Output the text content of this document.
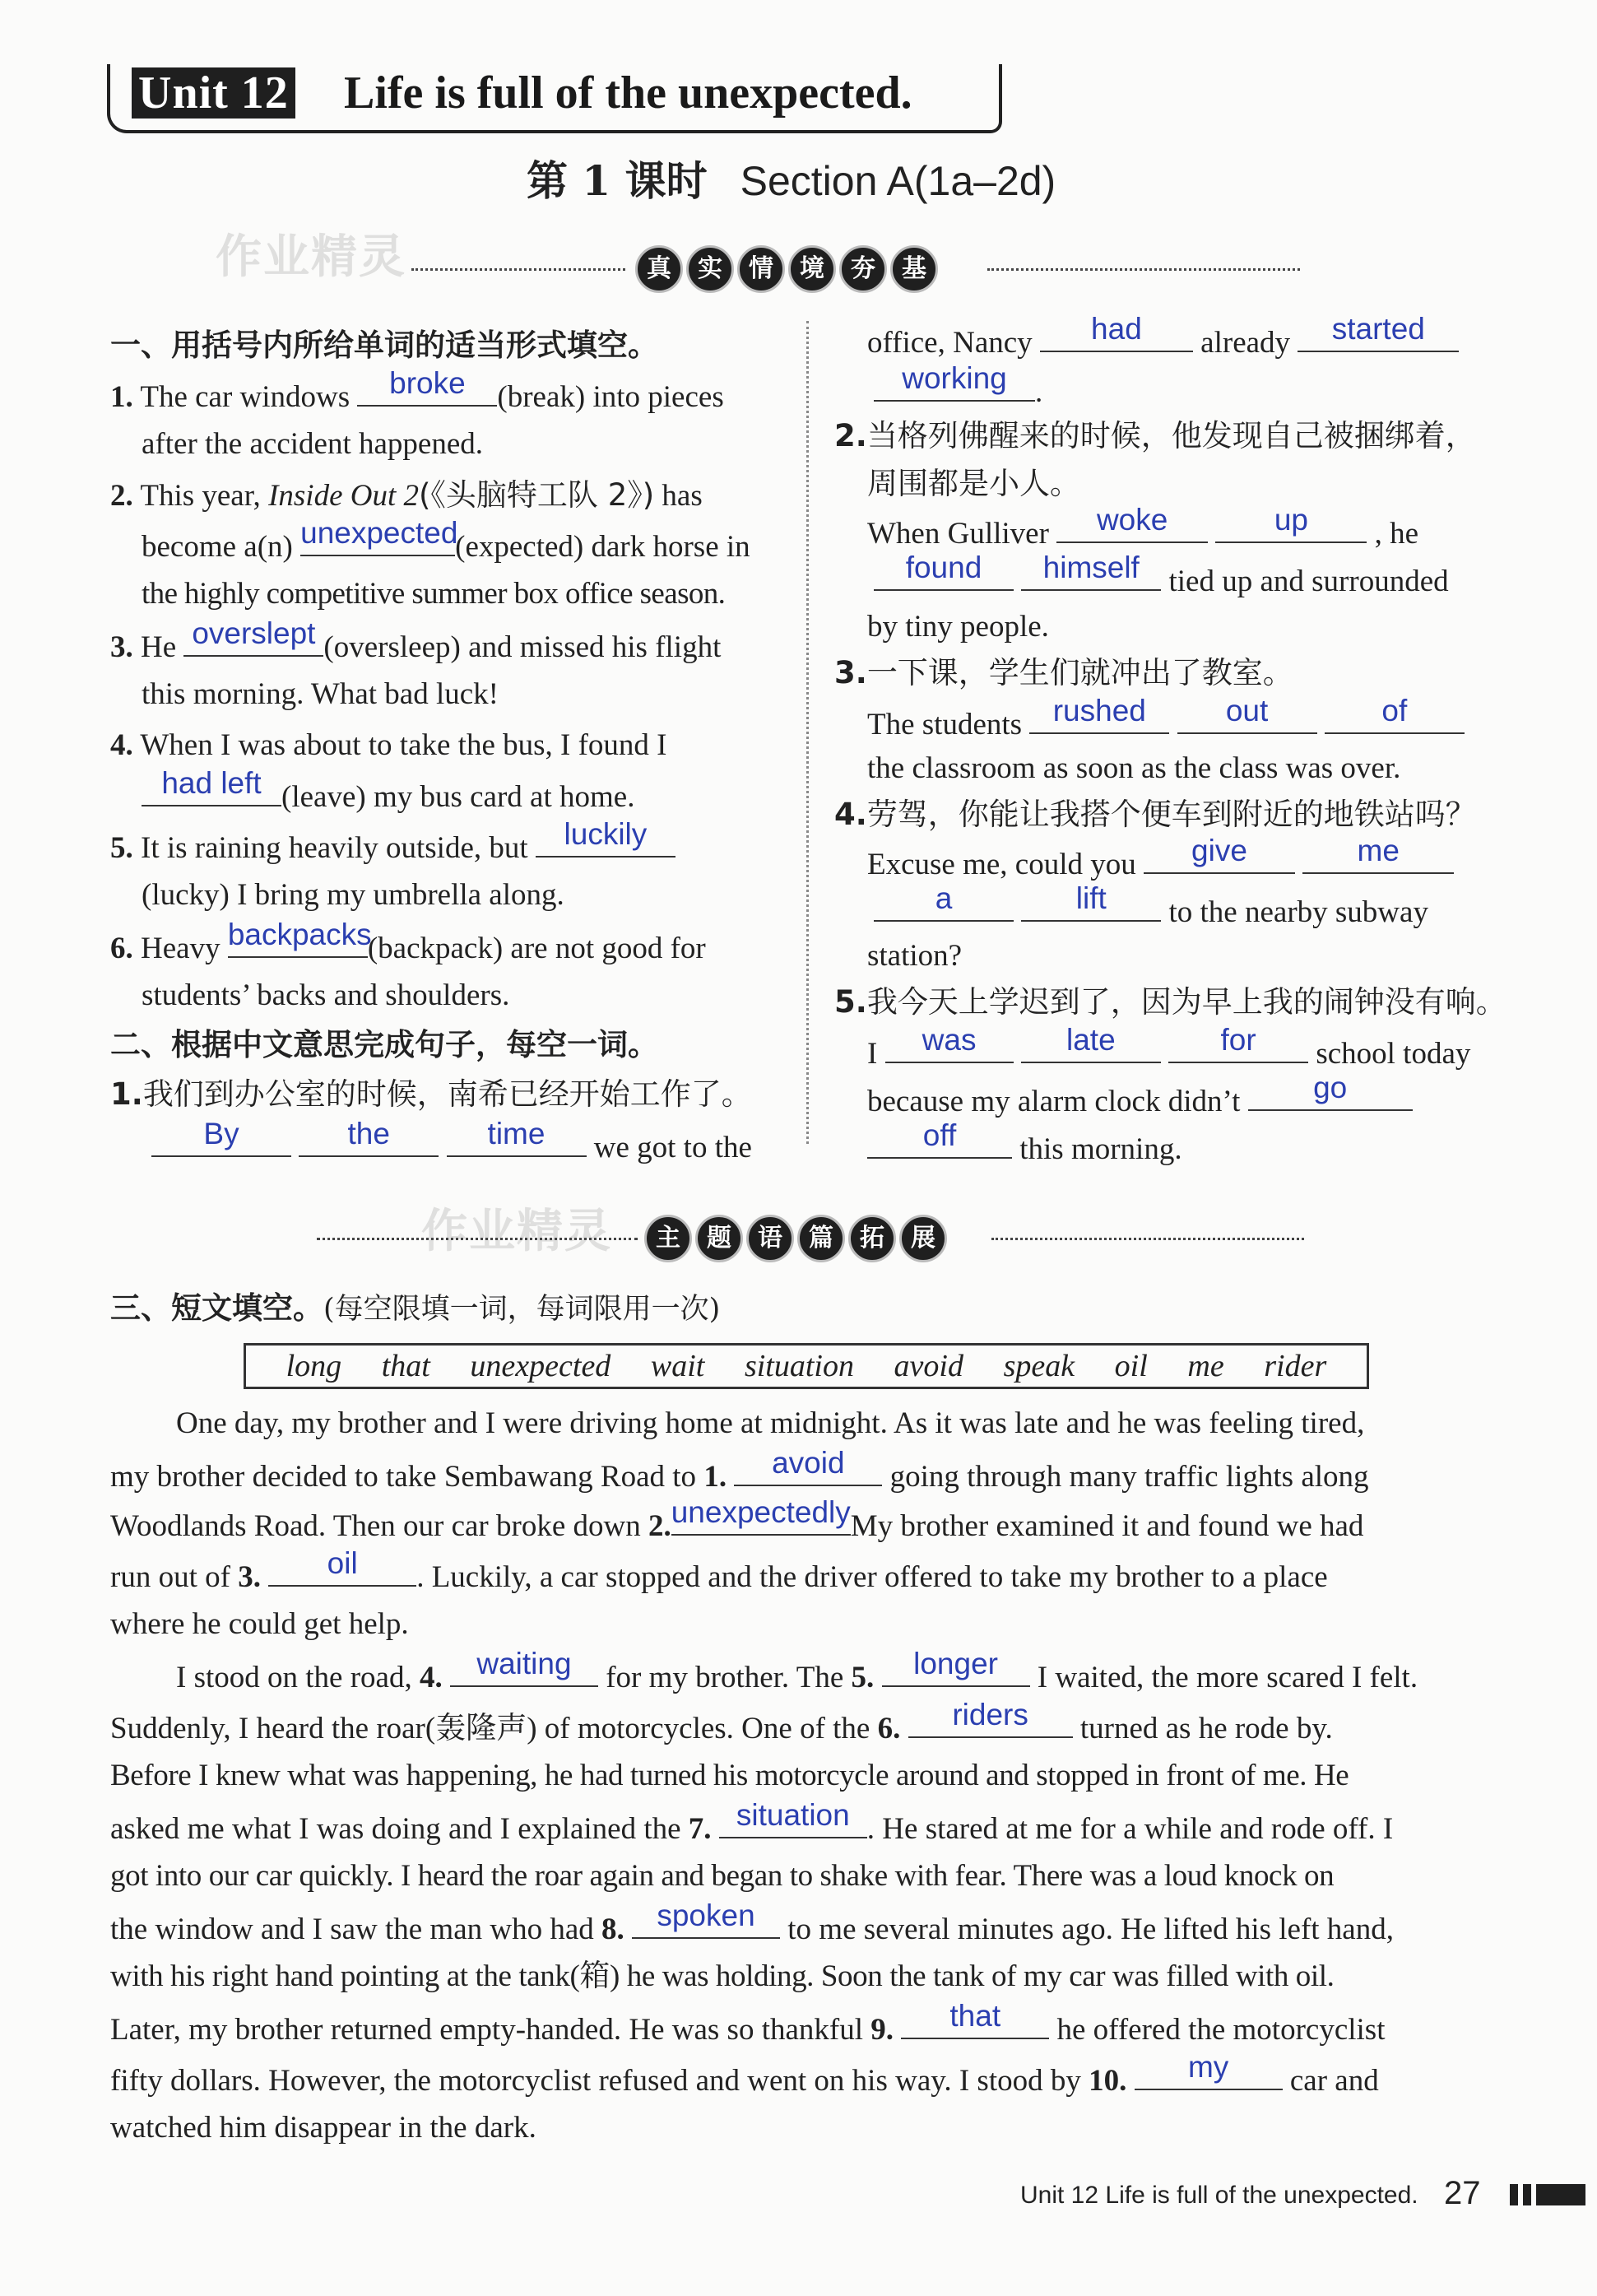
Unit 12 Life is full of the unexpected.
第 1 课时 Section A(1a–2d)
作业精灵	真	实	情	境	夯	基
一、用括号内所给单词的适当形式填空。
1. The car windows	broke	(break) into pieces
after the accident happened.
2. This year, Inside Out 2(《头脑特工队 2》) has
become a(n) unexpected
(expected) dark horse in
the highly competitive summer box office season.
3. He overslept (oversleep) and missed his flight
this morning. What bad luck!
4. When I was about to take the bus, I found I
had left (leave) my bus card at home.
5. It is raining heavily outside, but	luckily
(lucky) I bring my umbrella along.
6. Heavy backpacks
(backpack) are not good for
students’ backs and shoulders.
二、根据中文意思完成句子，每空一词。
1.我们到办公室的时候，南希已经开始工作了。
By
	the
	time	we got to the
office, Nancy	had	already	started
working .
2.当格列佛醒来的时候，他发现自己被捆绑着，
周围都是小人。
When Gulliver	woke
	up	, he
found
	himself tied up and surrounded
by tiny people.
3.一下课，学生们就冲出了教室。
The students	rushed
	out
	of
the classroom as soon as the class was over.
4.劳驾，你能让我搭个便车到附近的地铁站吗？
Excuse me, could you	give
	me
a
	lift	to the nearby subway
station?
5.我今天上学迟到了，因为早上我的闹钟没有响。
I	was
	late
	for	school today
because my alarm clock didn’t	go
off	this morning.
作业精灵	主	题	语	篇	拓	展
三、短文填空。(每空限填一词，每词限用一次)
long that unexpected wait situation avoid speak oil me rider
One day, my brother and I were driving home at midnight. As it was late and he was feeling tired,
my brother decided to take Sembawang Road to 1.	avoid	going through many traffic lights along
Woodlands Road. Then our car broke down 2. unexpectedly My brother examined it and found we had
run out of 3.	oil	. Luckily, a car stopped and the driver offered to take my brother to a place
where he could get help.
I stood on the road, 4.	waiting	for my brother. The 5.	longer	I waited, the more scared I felt.
Suddenly, I heard the roar(轰隆声) of motorcycles. One of the 6.	riders	turned as he rode by.
Before I knew what was happening, he had turned his motorcycle around and stopped in front of me. He
asked me what I was doing and I explained the 7. situation . He stared at me for a while and rode off. I
got into our car quickly. I heard the roar again and began to shake with fear. There was a loud knock on
the window and I saw the man who had 8.	spoken	to me several minutes ago. He lifted his left hand,
with his right hand pointing at the tank(箱) he was holding. Soon the tank of my car was filled with oil.
Later, my brother returned empty-handed. He was so thankful 9.	that	he offered the motorcyclist
fifty dollars. However, the motorcyclist refused and went on his way. I stood by 10.	my	car and
watched him disappear in the dark.
Unit 12 Life is full of the unexpected. 27
